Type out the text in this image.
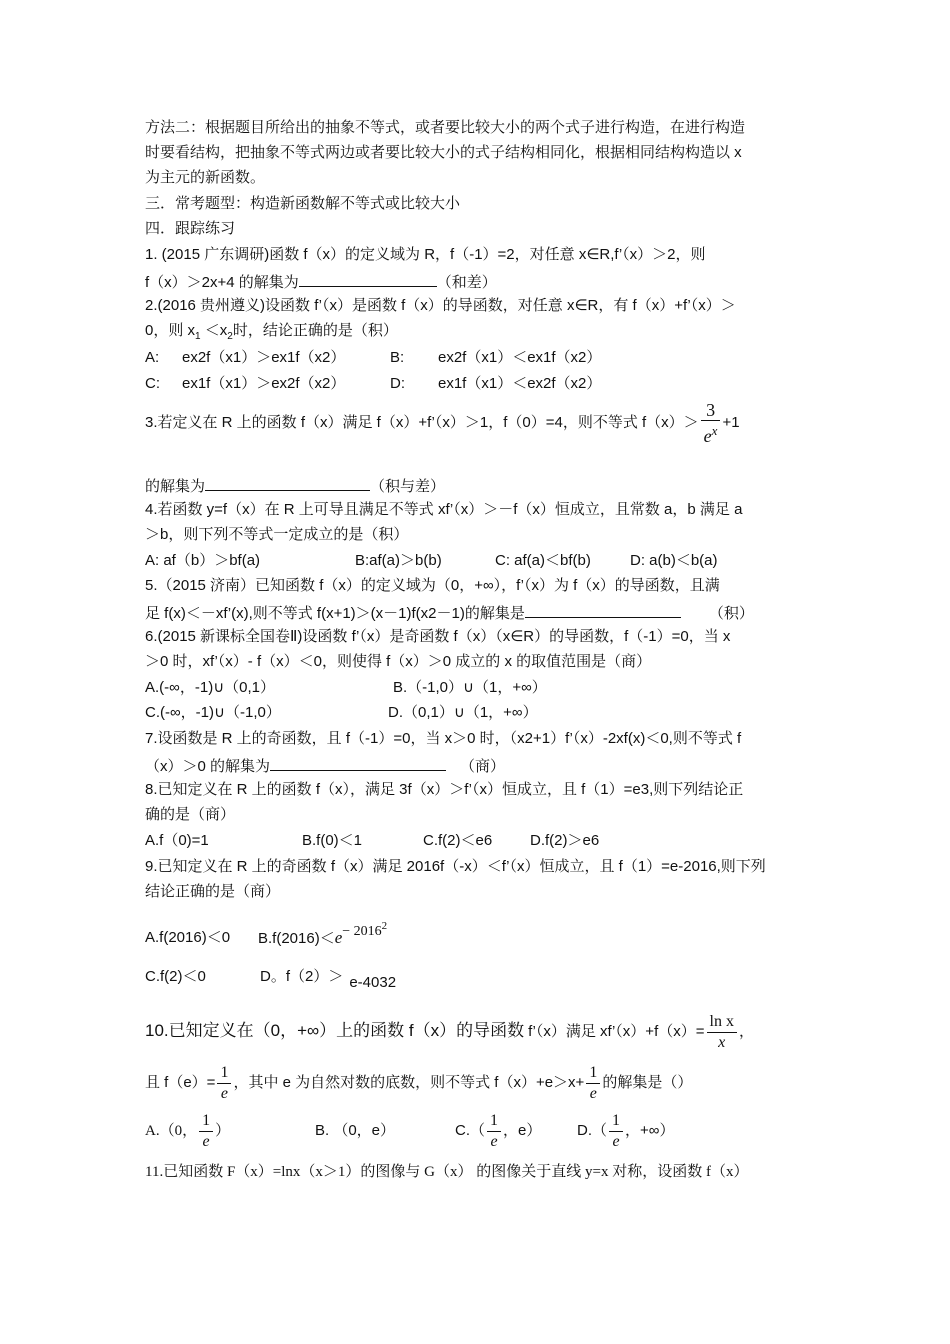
方法二：根据题目所给出的抽象不等式，或者要比较大小的两个式子进行构造，在进行构造
时要看结构，把抽象不等式两边或者要比较大小的式子结构相同化，根据相同结构构造以 x
为主元的新函数。
三．常考题型：构造新函数解不等式或比较大小
四．跟踪练习
1. (2015 广东调研)函数 f（x）的定义域为 R，f（-1）=2，对任意 x∈R,f’（x）＞2，则
f（x）＞2x+4 的解集为	（和差）
2.(2016 贵州遵义)设函数 f’（x）是函数 f（x）的导函数，对任意 x∈R，有 f（x）+f’（x）＞
0，则 $x_1 <x_2$时，结论正确的是（积）
A: ex2f（x1）＞ex1f（x2）	B: ex2f（x1）＜ex1f（x2）
C: ex1f（x1）＞ex2f（x2）	D: ex1f（x1）＜ex2f（x2）
3.若定义在 R 上的函数 f（x）满足 f（x）+f’（x）＞1，f（0）=4，则不等式 $f(x)> \frac{3}{e^x} +1$
的解集为	（积与差）
4.若函数 y=f（x）在 R 上可导且满足不等式 xf’（x）＞－f（x）恒成立，且常数 a，b 满足 a
＞b，则下列不等式一定成立的是（积）
A: af（b）＞bf(a)	B:af(a)＞b(b)	C: af(a)＜bf(b)	D: a(b)＜b(a)
5.（2015 济南）已知函数 f（x）的定义域为（0，+∞），f’（x）为 f（x）的导函数，且满
足 f(x)＜－xf’(x),则不等式 f(x+1)＞(x－1)f(x2－1)的解集是	（积）
6.(2015 新课标全国卷Ⅱ)设函数 f’（x）是奇函数 f（x）（x∈R）的导函数，f（-1）=0，当 x
＞0 时，xf’（x）- f（x）＜0，则使得 f（x）＞0 成立的 x 的取值范围是（商）
A.(-∞，-1)∪（0,1）	B.（-1,0）∪（1，+∞）
C.(-∞，-1)∪（-1,0）	D.（0,1）∪（1，+∞）
7.设函数是 R 上的奇函数，且 f（-1）=0，当 x＞0 时，（x2+1）f’（x）-2xf(x)＜0,则不等式 f
（x）＞0 的解集为	（商）
8.已知定义在 R 上的函数 f（x），满足 3f（x）＞f’（x）恒成立，且 f（1）=e3,则下列结论正
确的是（商）
A.f（0)=1	B.f(0)＜1	C.f(2)＜e6	D.f(2)＞e6
9.已知定义在 R 上的奇函数 f（x）满足 2016f（-x）＜f’（x）恒成立，且 f（1）=e-2016,则下列
结论正确的是（商）
A.f(2016)＜0 $B.f(2016)<e- 2016^2$
C.f(2)＜0	D。f（2）＞ e-4032
10.已知定义在（0，+∞）上的函数 f（x）的导函数 f’（x）满足 xf’（x）+f（x）= $\frac{\text{ln x}}{x}$ ，
且 $f(e)= \frac{1}{e}$ ，其中 e 为自然对数的底数，则不等式 $f(x)+e>x+ \frac{1}{e}$ 的解集是（）
A.（0， $\frac{1}{e}$ ）	B. （0，e）	$C.( \frac{1}{e}$ ，e） $D.( \frac{1}{e}$ ，+∞）
11.已知函数 F（x）=lnx（x＞1）的图像与 G（x） 的图像关于直线 y=x 对称，设函数 f（x）
